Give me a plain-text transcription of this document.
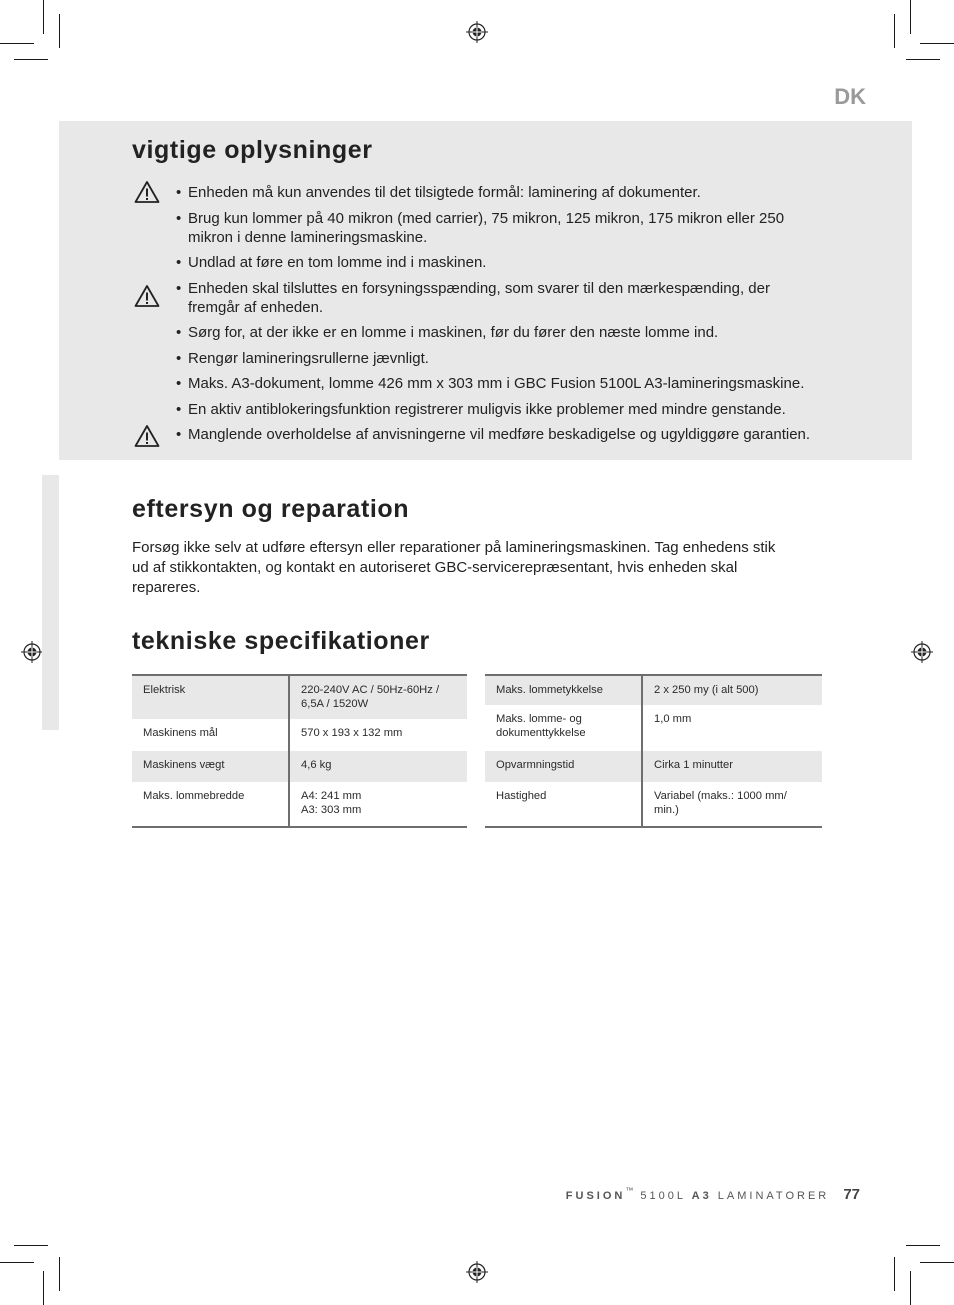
DK
vigtige oplysninger
• Enheden må kun anvendes til det tilsigtede formål: laminering af dokumenter.
• Brug kun lommer på 40 mikron (med carrier), 75 mikron, 125 mikron, 175 mikron eller 250 mikron i denne lamineringsmaskine.
• Undlad at føre en tom lomme ind i maskinen.
• Enheden skal tilsluttes en forsyningsspænding, som svarer til den mærkespænding, der fremgår af enheden.
• Sørg for, at der ikke er en lomme i maskinen, før du fører den næste lomme ind.
• Rengør lamineringsrullerne jævnligt.
• Maks. A3-dokument, lomme 426 mm x 303 mm i GBC Fusion 5100L A3-lamineringsmaskine.
• En aktiv antiblokeringsfunktion registrerer muligvis ikke problemer med mindre genstande.
• Manglende overholdelse af anvisningerne vil medføre beskadigelse og ugyldiggøre garantien.
eftersyn og reparation

Forsøg ikke selv at udføre eftersyn eller reparationer på lamineringsmaskinen. Tag enhedens stik ud af stikkontakten, og kontakt en autoriseret GBC-servicerepræsentant, hvis enheden skal repareres.

tekniske specifikationer
Elektrisk	220-240V AC / 50Hz-60Hz /
6,5A / 1520W
Maskinens mål	570 x 193 x 132 mm
Maskinens vægt	4,6 kg
Maks. lommebredde	A4: 241 mm
A3: 303 mm
Maks. lommetykkelse	2 x 250 my (i alt 500)
Maks. lomme- og
dokumenttykkelse	1,0 mm
Opvarmningstid	Cirka 1 minutter
Hastighed	Variabel (maks.: 1000 mm/
min.)
FUSION™ 5100L A3 LAMINATORER 77
